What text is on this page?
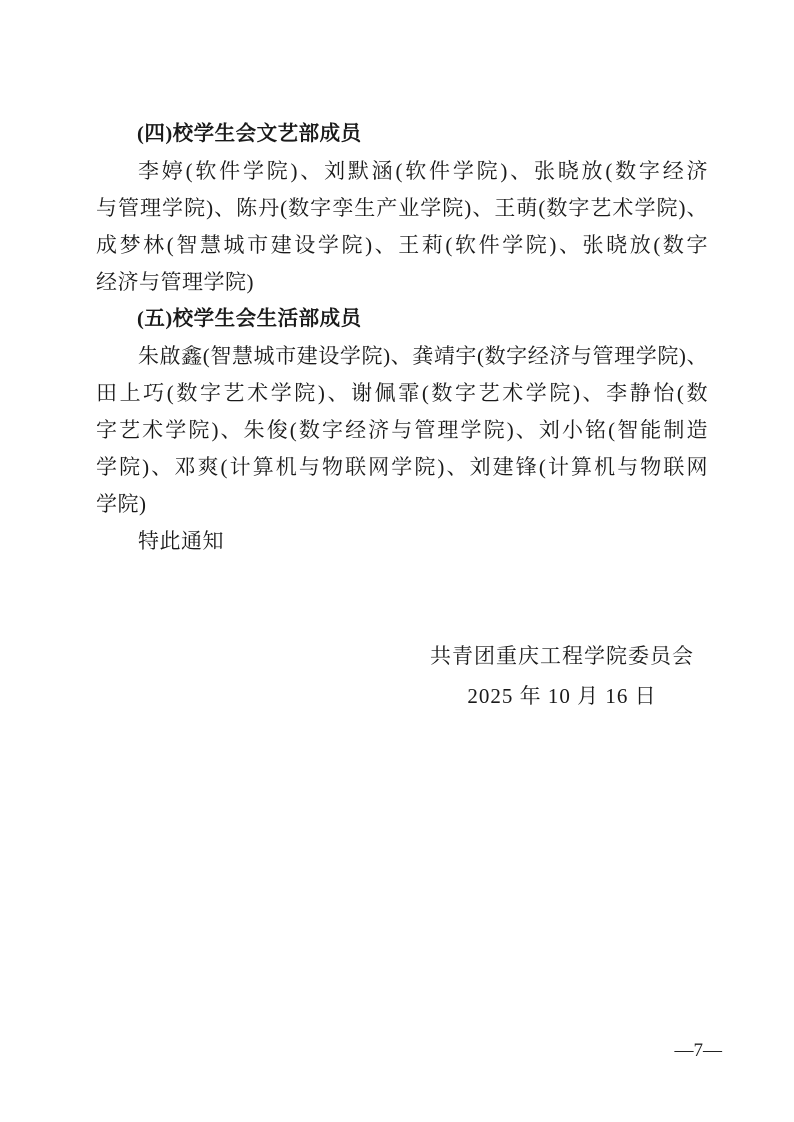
(四)校学生会文艺部成员

李婷(软件学院)、刘默涵(软件学院)、张晓放(数字经济

与管理学院)、陈丹(数字孪生产业学院)、王萌(数字艺术学院)、

成梦林(智慧城市建设学院)、王莉(软件学院)、张晓放(数字

经济与管理学院)

(五)校学生会生活部成员

朱啟鑫(智慧城市建设学院)、龚靖宇(数字经济与管理学院)、

田上巧(数字艺术学院)、谢佩霏(数字艺术学院)、李静怡(数

字艺术学院)、朱俊(数字经济与管理学院)、刘小铭(智能制造

学院)、邓爽(计算机与物联网学院)、刘建锋(计算机与物联网

学院)

特此通知

共青团重庆工程学院委员会
2025 年 10 月 16 日
—7—
